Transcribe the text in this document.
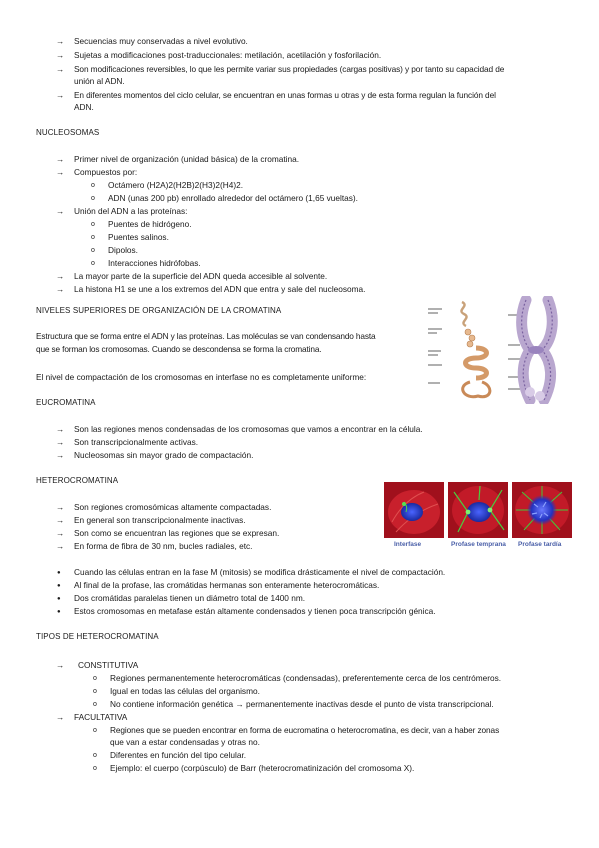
→ Secuencias muy conservadas a nivel evolutivo.
→ Sujetas a modificaciones post-traduccionales: metilación, acetilación y fosforilación.
→ Son modificaciones reversibles, lo que les permite variar sus propiedades (cargas positivas) y por tanto su capacidad de
unión al ADN.
→ En diferentes momentos del ciclo celular, se encuentran en unas formas u otras y de esta forma regulan la función del
ADN.
NUCLEOSOMAS
→ Primer nivel de organización (unidad básica) de la cromatina.
→ Compuestos por:
o Octámero (H2A)2(H2B)2(H3)2(H4)2.
o ADN (unas 200 pb) enrollado alrededor del octámero (1,65 vueltas).
→ Unión del ADN a las proteínas:
o Puentes de hidrógeno.
o Puentes salinos.
o Dipolos.
o Interacciones hidrófobas.
→ La mayor parte de la superficie del ADN queda accesible al solvente.
→ La histona H1 se une a los extremos del ADN que entra y sale del nucleosoma.
NIVELES SUPERIORES DE ORGANIZACIÓN DE LA CROMATINA
Estructura que se forma entre el ADN y las proteínas. Las moléculas se van condensando hasta
que se forman los cromosomas. Cuando se descondensa se forma la cromatina.
El nivel de compactación de los cromosomas en interfase no es completamente uniforme:
EUCROMATINA
→ Son las regiones menos condensadas de los cromosomas que vamos a encontrar en la célula.
→ Son transcripcionalmente activas.
→ Nucleosomas sin mayor grado de compactación.
HETEROCROMATINA
→ Son regiones cromosómicas altamente compactadas.
→ En general son transcripcionalmente inactivas.
→ Son como se encuentran las regiones que se expresan.
→ En forma de fibra de 30 nm, bucles radiales, etc.	Interfase	Profase temprana Profase tardía
● Cuando las células entran en la fase M (mitosis) se modifica drásticamente el nivel de compactación.
● Al final de la profase, las cromátidas hermanas son enteramente heterocromáticas.
● Dos cromátidas paralelas tienen un diámetro total de 1400 nm.
● Estos cromosomas en metafase están altamente condensados y tienen poca transcripción génica.
TIPOS DE HETEROCROMATINA
→ CONSTITUTIVA
o Regiones permanentemente heterocromáticas (condensadas), preferentemente cerca de los centrómeros.
o Igual en todas las células del organismo.
o No contiene información genética → permanentemente inactivas desde el punto de vista transcripcional.
→ FACULTATIVA
o Regiones que se pueden encontrar en forma de eucromatina o heterocromatina, es decir, van a haber zonas
que van a estar condensadas y otras no.
o Diferentes en función del tipo celular.
o Ejemplo: el cuerpo (corpúsculo) de Barr (heterocromatinización del cromosoma X).
